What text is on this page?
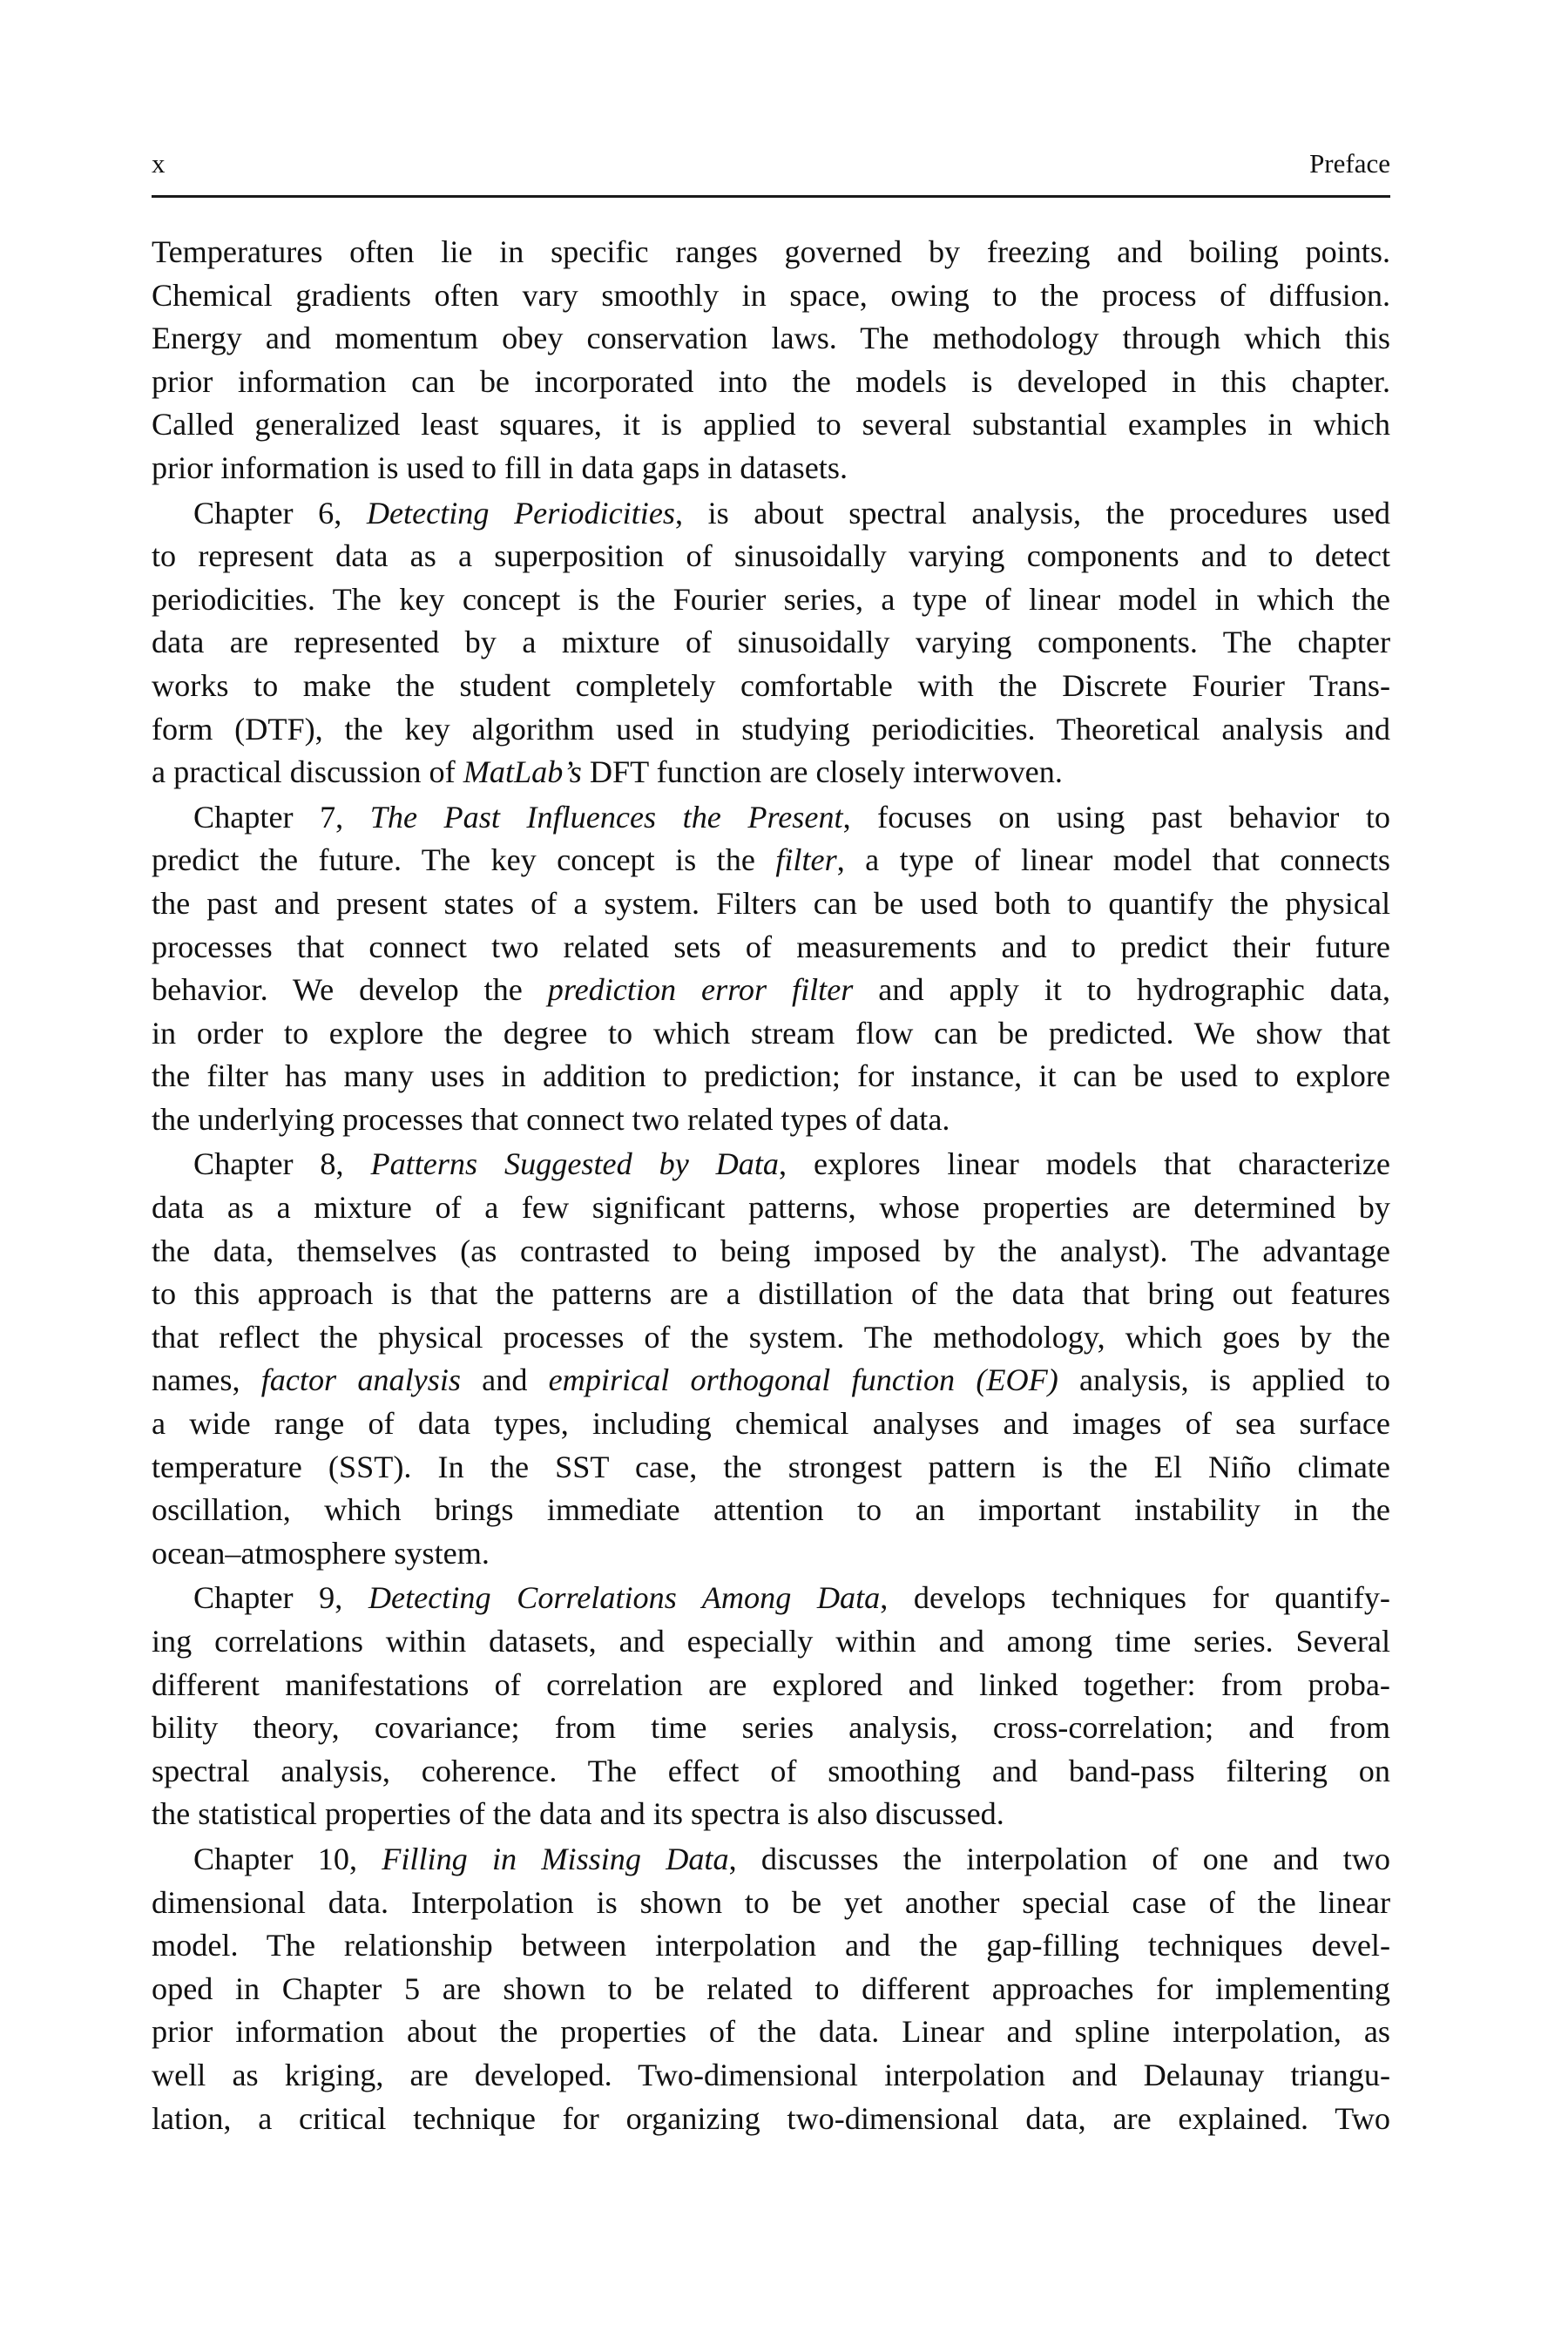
x	Preface
Temperatures often lie in specific ranges governed by freezing and boiling points.
Chemical gradients often vary smoothly in space, owing to the process of diffusion.
Energy and momentum obey conservation laws. The methodology through which this
prior information can be incorporated into the models is developed in this chapter.
Called generalized least squares, it is applied to several substantial examples in which
prior information is used to fill in data gaps in datasets.
Chapter 6, Detecting Periodicities, is about spectral analysis, the procedures used
to represent data as a superposition of sinusoidally varying components and to detect
periodicities. The key concept is the Fourier series, a type of linear model in which the
data are represented by a mixture of sinusoidally varying components. The chapter
works to make the student completely comfortable with the Discrete Fourier Trans-
form (DTF), the key algorithm used in studying periodicities. Theoretical analysis and
a practical discussion of MatLab’s DFT function are closely interwoven.
Chapter 7, The Past Influences the Present, focuses on using past behavior to
predict the future. The key concept is the filter, a type of linear model that connects
the past and present states of a system. Filters can be used both to quantify the physical
processes that connect two related sets of measurements and to predict their future
behavior. We develop the prediction error filter and apply it to hydrographic data,
in order to explore the degree to which stream flow can be predicted. We show that
the filter has many uses in addition to prediction; for instance, it can be used to explore
the underlying processes that connect two related types of data.
Chapter 8, Patterns Suggested by Data, explores linear models that characterize
data as a mixture of a few significant patterns, whose properties are determined by
the data, themselves (as contrasted to being imposed by the analyst). The advantage
to this approach is that the patterns are a distillation of the data that bring out features
that reflect the physical processes of the system. The methodology, which goes by the
names, factor analysis and empirical orthogonal function (EOF) analysis, is applied to
a wide range of data types, including chemical analyses and images of sea surface
temperature (SST). In the SST case, the strongest pattern is the El Niño climate
oscillation, which brings immediate attention to an important instability in the
ocean–atmosphere system.
Chapter 9, Detecting Correlations Among Data, develops techniques for quantify-
ing correlations within datasets, and especially within and among time series. Several
different manifestations of correlation are explored and linked together: from proba-
bility theory, covariance; from time series analysis, cross-correlation; and from
spectral analysis, coherence. The effect of smoothing and band-pass filtering on
the statistical properties of the data and its spectra is also discussed.
Chapter 10, Filling in Missing Data, discusses the interpolation of one and two
dimensional data. Interpolation is shown to be yet another special case of the linear
model. The relationship between interpolation and the gap-filling techniques devel-
oped in Chapter 5 are shown to be related to different approaches for implementing
prior information about the properties of the data. Linear and spline interpolation, as
well as kriging, are developed. Two-dimensional interpolation and Delaunay triangu-
lation, a critical technique for organizing two-dimensional data, are explained. Two
